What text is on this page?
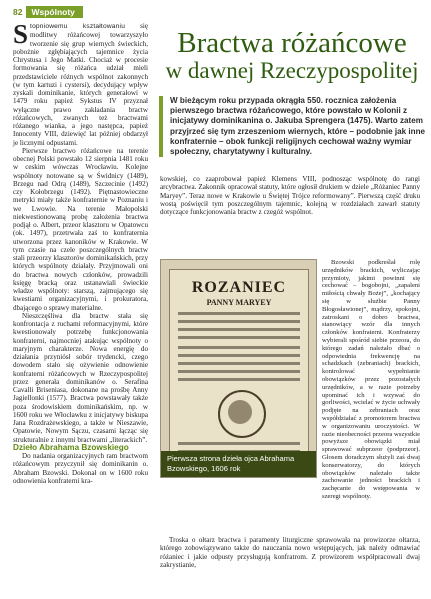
82	Wspólnoty

Stopniowemu kształtowaniu się modlitwy różańcowej towarzyszyło tworzenie się grup wiernych świeckich, pobożnie zgłębiających tajemnice życia Chrystusa i Jego Matki. Chociaż w procesie formowania się różańca udział mieli przedstawiciele różnych wspólnot zakonnych (w tym kartuzi i cystersi), decydujący wpływ zyskali dominikanie, których generałowi w 1479 roku papież Sykstus IV przyznał wyłączne prawo zakładania bractw różańcowych, zwanych też bractwami różanego wianka, a jego następca, papież Innocenty VIII, dziewięć lat później obdarzył je licznymi odpustami.

Pierwsze bractwo różańcowe na terenie obecnej Polski powstało 12 sierpnia 1481 roku w ceskim wówczas Wrocławiu. Kolejne wspólnoty notowane są w Świdnicy (1489), Brzegu nad Odrą (1489), Szczecinie (1492) czy Kołobrzegu (1492). Piętnastowieczne metryki miały także konfraternie w Poznaniu i we Lwowie. Na terenie Małopolski niekwestionowaną probę założenia bractwa podjął o. Albert, przeor klasztoru w Opatowcu (ok. 1497), przetrwała zaś to konfraternia utworzona przez kanoników w Krakowie. W tym czasie na czele poszczególnych bractw stali przeorzy klasztorów dominikańskich, przy których wspólnoty działały. Przyjmowali oni do bractwa nowych członków, prowadzili księgę bracką oraz ustanawiali świeckie władze wspólnoty: starszą, zajmującego się kwestiami organizacyjnymi, i prokuratora, dbającego o sprawy materialne.

Nieszczęśliwa dla bractw stała się konfrontacja z ruchami reformacyjnymi, które kwestionowały potrzebę funkcjonowania konfraterni, najmocniej atakując wspólnoty o maryjnym charakterze. Nowa energię do działania przyniósł sobór trydencki, czego dowodem stało się ożywienie odnowienie konfraterni różańcowych w Rzeczypospolitej przez generała dominikanów o. Serafina Cavalli Briseniasa, dokonane na prośbę Anny Jagiellonki (1577). Bractwa powstawały także poza środowiskiem dominikańskim, np. w 1600 roku we Włocławku z inicjatywy biskupa Jana Rozdrażewskiego, a także w Nieszawie, Opatowie, Nowym Sączu, czasami łącząc się strukturalnie z innymi bractwami „literackich”.

Dzieło Abrahama Bzowskiego

Do nadania organizacyjnych ram bractwom różańcowym przyczynił się dominikanin o. Abraham Bzowski. Dokonał on w 1600 roku odnowienia konfraterni kra-

Bractwa różańcowe
w dawnej Rzeczypospolitej
W bieżącym roku przypada okrągła 550. rocznica założenia pierwszego bractwa różańcowego, które powstało w Kolonii z inicjatywy dominikanina o. Jakuba Sprengera (1475). Warto zatem przyjrzeć się tym zrzeszeniom wiernych, które – podobnie jak inne konfraternie – obok funkcji religijnych cechował ważny wymiar społeczny, charytatywny i kulturalny.

kowskiej, co zaaprobował papież Klemens VIII, podnosząc wspólnotę do rangi arcybractwa. Zakonnik opracował statuty, które ogłosił drukiem w dziele „Różaniec Panny Maryey”. Teraz nowe w Krakowie u Świętej Trójce reformowany”. Pierwszą część druku wostą poświęcił tym poszczególnym tajemnic, kolejną w rozdziałach zawarł statuty dotyczące funkcjonowania bractw z czegóż wspólnot.

ROZANIEC
PANNY MARYEY
Pierwsza strona dzieła ojca Abrahama Bzowskiego, 1606 rok

Bzowski podkreślał rolę urzędników brackich, wyliczając przymioty, jakimi powinni się cechować – bogobojni, „zapaleni miłością chwały Bożej”, „kochający się w służbie Panny Błogosławionej”, mądrzy, spokojni, zatroskani o dobro bractwa, stanowiący wzór dla innych członków konfraterni. Konfraterzy wybierali spośród siebie przeora, do którego zadań należało dbać o odpowiednia frekwencję na schadzkach (zebraniach) brackich, kontrolować wypełnianie obowiązków przez pozostałych urzędników, a w razie potrzeby upominać ich i wzywać do gorliwości, wcielać w życie uchwały podjęte na zebraniach oraz współdziałać z promotorem bractwa w organizowaniu uroczystości. W razie nieobecności przeora wszystkie powyższe obowiązki miał sprawować subprzeor (podprzeor). Głosem doradczym służyli zaś dwaj konserwatorzy, do których obowiązków należało także zachowanie jedności brackich i zachęcanie do wstępowania w szeregi wspólnoty.

Troska o ołtarz bractwa i paramenty liturgiczne sprawowała na prowizorze ołtarza, którego zobowiązywano także do nauczania nowo wstępujących, jak należy odmawiać różaniec i jakie odpusty przysługują konfratrom. Z prowizorem współpracowali dwaj zakrystianie,
